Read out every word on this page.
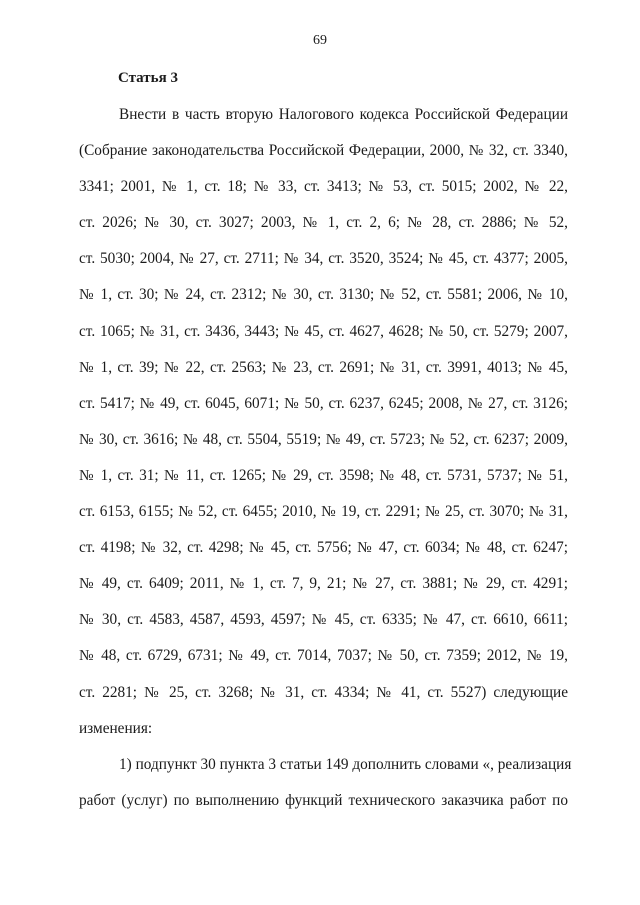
69
Статья 3
Внести в часть вторую Налогового кодекса Российской Федерации
(Собрание законодательства Российской Федерации, 2000, № 32, ст. 3340,
3341; 2001, № 1, ст. 18; № 33, ст. 3413; № 53, ст. 5015; 2002, № 22,
ст. 2026; № 30, ст. 3027; 2003, № 1, ст. 2, 6; № 28, ст. 2886; № 52,
ст. 5030; 2004, № 27, ст. 2711; № 34, ст. 3520, 3524; № 45, ст. 4377; 2005,
№ 1, ст. 30; № 24, ст. 2312; № 30, ст. 3130; № 52, ст. 5581; 2006, № 10,
ст. 1065; № 31, ст. 3436, 3443; № 45, ст. 4627, 4628; № 50, ст. 5279; 2007,
№ 1, ст. 39; № 22, ст. 2563; № 23, ст. 2691; № 31, ст. 3991, 4013; № 45,
ст. 5417; № 49, ст. 6045, 6071; № 50, ст. 6237, 6245; 2008, № 27, ст. 3126;
№ 30, ст. 3616; № 48, ст. 5504, 5519; № 49, ст. 5723; № 52, ст. 6237; 2009,
№ 1, ст. 31; № 11, ст. 1265; № 29, ст. 3598; № 48, ст. 5731, 5737; № 51,
ст. 6153, 6155; № 52, ст. 6455; 2010, № 19, ст. 2291; № 25, ст. 3070; № 31,
ст. 4198; № 32, ст. 4298; № 45, ст. 5756; № 47, ст. 6034; № 48, ст. 6247;
№ 49, ст. 6409; 2011, № 1, ст. 7, 9, 21; № 27, ст. 3881; № 29, ст. 4291;
№ 30, ст. 4583, 4587, 4593, 4597; № 45, ст. 6335; № 47, ст. 6610, 6611;
№ 48, ст. 6729, 6731; № 49, ст. 7014, 7037; № 50, ст. 7359; 2012, № 19,
ст. 2281; № 25, ст. 3268; № 31, ст. 4334; № 41, ст. 5527) следующие
изменения:
1) подпункт 30 пункта 3 статьи 149 дополнить словами «, реализация
работ (услуг) по выполнению функций технического заказчика работ по
